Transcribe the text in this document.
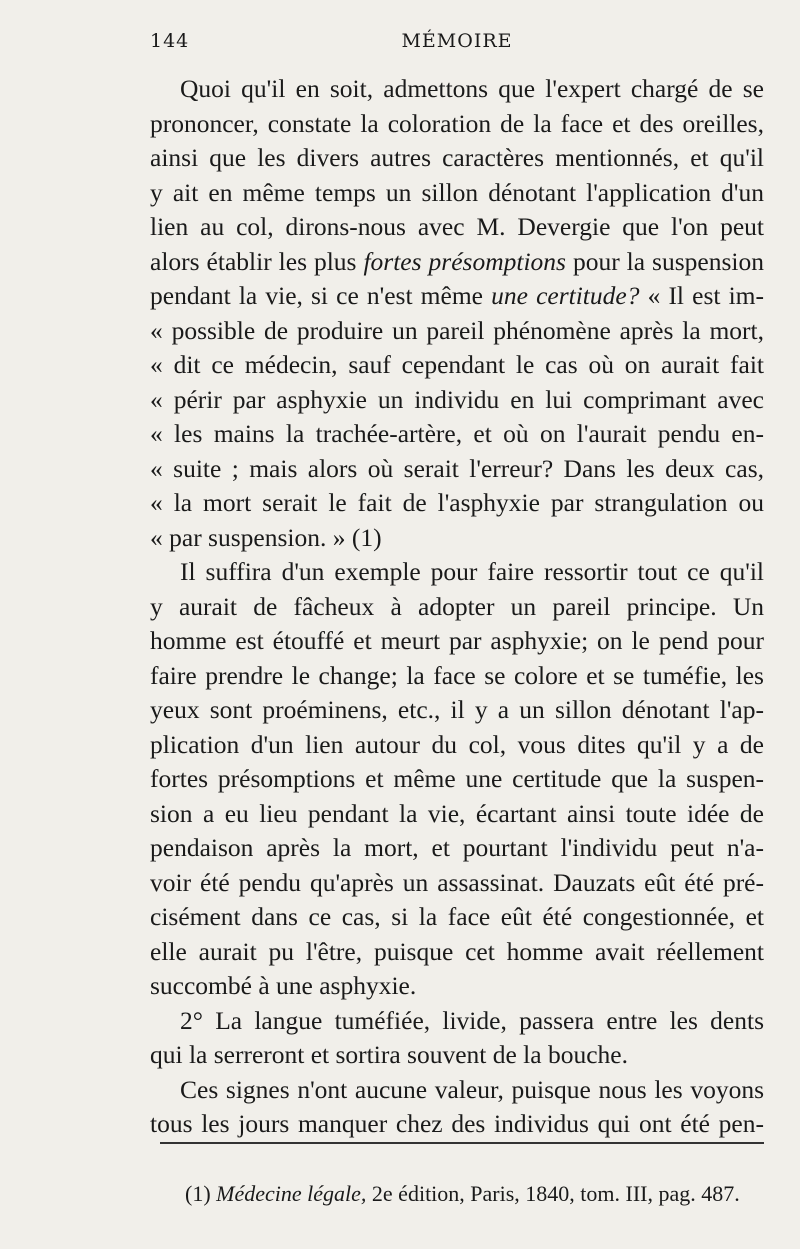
144	MÉMOIRE
Quoi qu'il en soit, admettons que l'expert chargé de se
prononcer, constate la coloration de la face et des oreilles,
ainsi que les divers autres caractères mentionnés, et qu'il
y ait en même temps un sillon dénotant l'application d'un
lien au col, dirons-nous avec M. Devergie que l'on peut
alors établir les plus fortes présomptions pour la suspension
pendant la vie, si ce n'est même une certitude? « Il est im-
« possible de produire un pareil phénomène après la mort,
« dit ce médecin, sauf cependant le cas où on aurait fait
« périr par asphyxie un individu en lui comprimant avec
« les mains la trachée-artère, et où on l'aurait pendu en-
« suite ; mais alors où serait l'erreur? Dans les deux cas,
« la mort serait le fait de l'asphyxie par strangulation ou
« par suspension. » (1)
Il suffira d'un exemple pour faire ressortir tout ce qu'il
y aurait de fâcheux à adopter un pareil principe. Un
homme est étouffé et meurt par asphyxie; on le pend pour
faire prendre le change; la face se colore et se tuméfie, les
yeux sont proéminens, etc., il y a un sillon dénotant l'ap-
plication d'un lien autour du col, vous dites qu'il y a de
fortes présomptions et même une certitude que la suspen-
sion a eu lieu pendant la vie, écartant ainsi toute idée de
pendaison après la mort, et pourtant l'individu peut n'a-
voir été pendu qu'après un assassinat. Dauzats eût été pré-
cisément dans ce cas, si la face eût été congestionnée, et
elle aurait pu l'être, puisque cet homme avait réellement
succombé à une asphyxie.
2° La langue tuméfiée, livide, passera entre les dents
qui la serreront et sortira souvent de la bouche.
Ces signes n'ont aucune valeur, puisque nous les voyons
tous les jours manquer chez des individus qui ont été pen-
(1) Médecine légale, 2e édition, Paris, 1840, tom. III, pag. 487.
